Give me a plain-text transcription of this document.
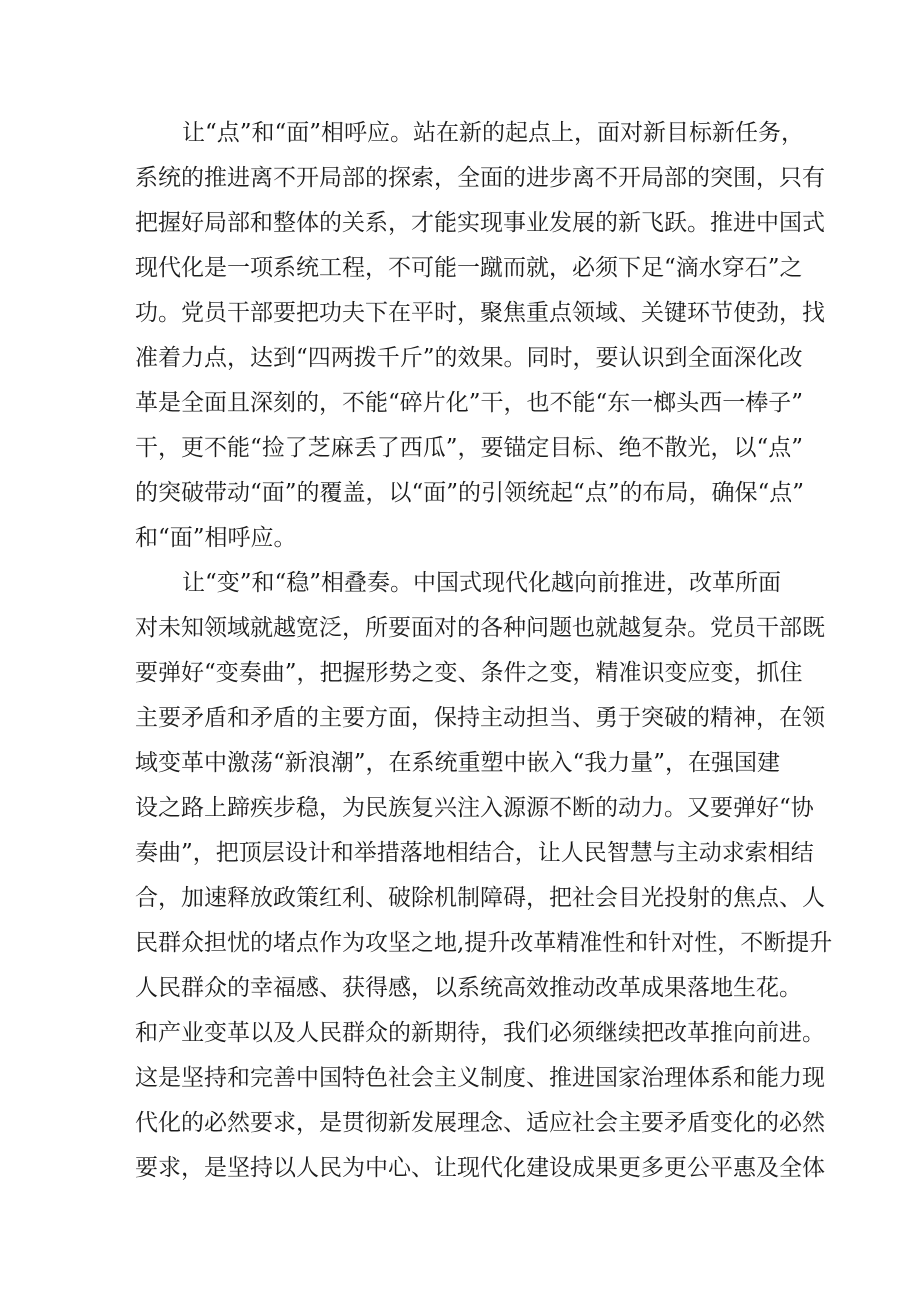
让“点”和“面”相呼应。站在新的起点上，面对新目标新任务，
系统的推进离不开局部的探索，全面的进步离不开局部的突围，只有
把握好局部和整体的关系，才能实现事业发展的新飞跃。推进中国式
现代化是一项系统工程，不可能一蹴而就，必须下足“滴水穿石”之
功。党员干部要把功夫下在平时，聚焦重点领域、关键环节使劲，找
准着力点，达到“四两拨千斤”的效果。同时，要认识到全面深化改
革是全面且深刻的，不能“碎片化”干，也不能“东一榔头西一棒子”
干，更不能“捡了芝麻丢了西瓜”，要锚定目标、绝不散光，以“点”
的突破带动“面”的覆盖，以“面”的引领统起“点”的布局，确保“点”
和“面”相呼应。
让“变”和“稳”相叠奏。中国式现代化越向前推进，改革所面
对未知领域就越宽泛，所要面对的各种问题也就越复杂。党员干部既
要弹好“变奏曲”，把握形势之变、条件之变，精准识变应变，抓住
主要矛盾和矛盾的主要方面，保持主动担当、勇于突破的精神，在领
域变革中激荡“新浪潮”，在系统重塑中嵌入“我力量”，在强国建
设之路上蹄疾步稳，为民族复兴注入源源不断的动力。又要弹好“协
奏曲”，把顶层设计和举措落地相结合，让人民智慧与主动求索相结
合，加速释放政策红利、破除机制障碍，把社会目光投射的焦点、人
民群众担忧的堵点作为攻坚之地,提升改革精准性和针对性，不断提升
人民群众的幸福感、获得感，以系统高效推动改革成果落地生花。
和产业变革以及人民群众的新期待，我们必须继续把改革推向前进。
这是坚持和完善中国特色社会主义制度、推进国家治理体系和能力现
代化的必然要求，是贯彻新发展理念、适应社会主要矛盾变化的必然
要求，是坚持以人民为中心、让现代化建设成果更多更公平惠及全体
